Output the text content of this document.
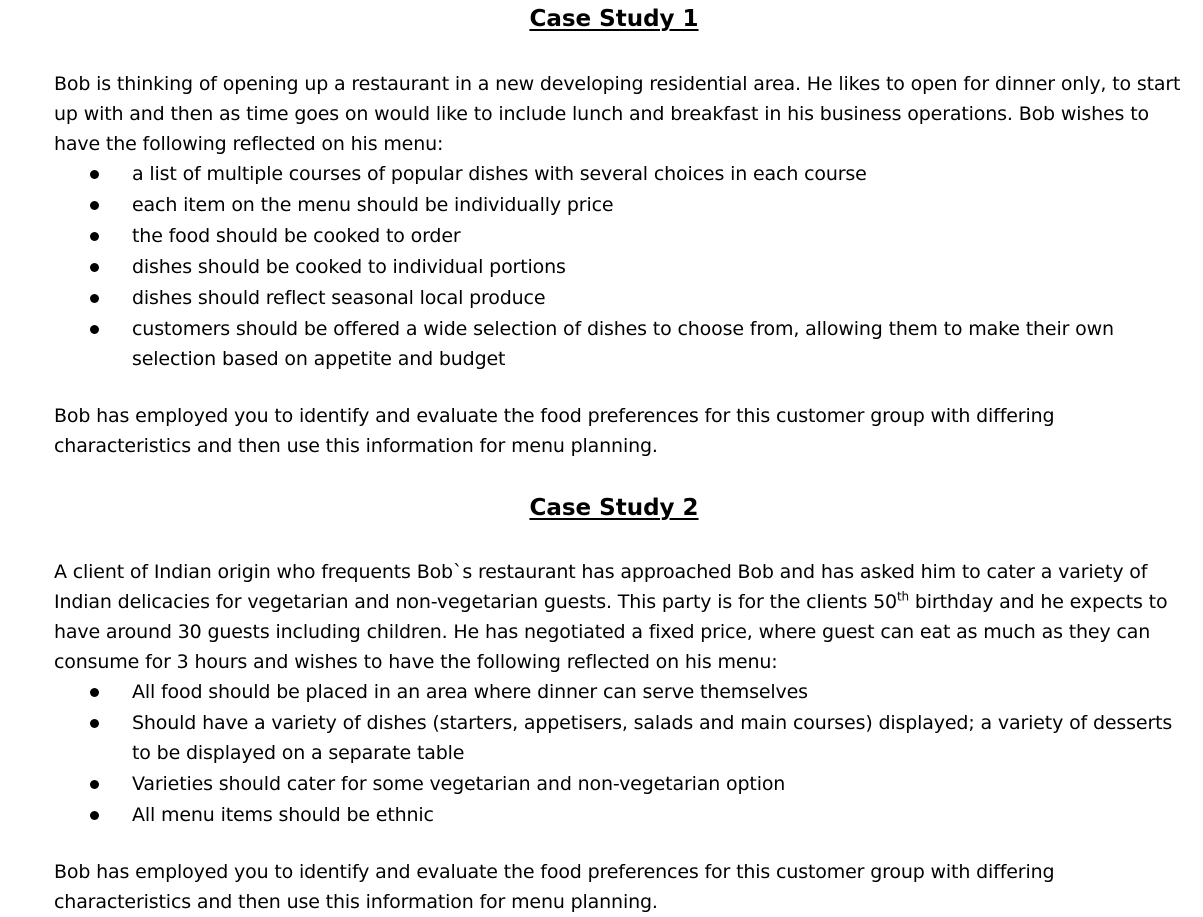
Case Study 1

Bob is thinking of opening up a restaurant in a new developing residential area. He likes to open for dinner only, to start up with and then as time goes on would like to include lunch and breakfast in his business operations. Bob wishes to have the following reflected on his menu:

a list of multiple courses of popular dishes with several choices in each course
each item on the menu should be individually price
the food should be cooked to order
dishes should be cooked to individual portions
dishes should reflect seasonal local produce
customers should be offered a wide selection of dishes to choose from, allowing them to make their own selection based on appetite and budget

Bob has employed you to identify and evaluate the food preferences for this customer group with differing characteristics and then use this information for menu planning.

Case Study 2

A client of Indian origin who frequents Bob`s restaurant has approached Bob and has asked him to cater a variety of Indian delicacies for vegetarian and non-vegetarian guests. This party is for the clients 50th birthday and he expects to have around 30 guests including children. He has negotiated a fixed price, where guest can eat as much as they can consume for 3 hours and wishes to have the following reflected on his menu:

All food should be placed in an area where dinner can serve themselves
Should have a variety of dishes (starters, appetisers, salads and main courses) displayed; a variety of desserts to be displayed on a separate table
Varieties should cater for some vegetarian and non-vegetarian option
All menu items should be ethnic

Bob has employed you to identify and evaluate the food preferences for this customer group with differing characteristics and then use this information for menu planning.
